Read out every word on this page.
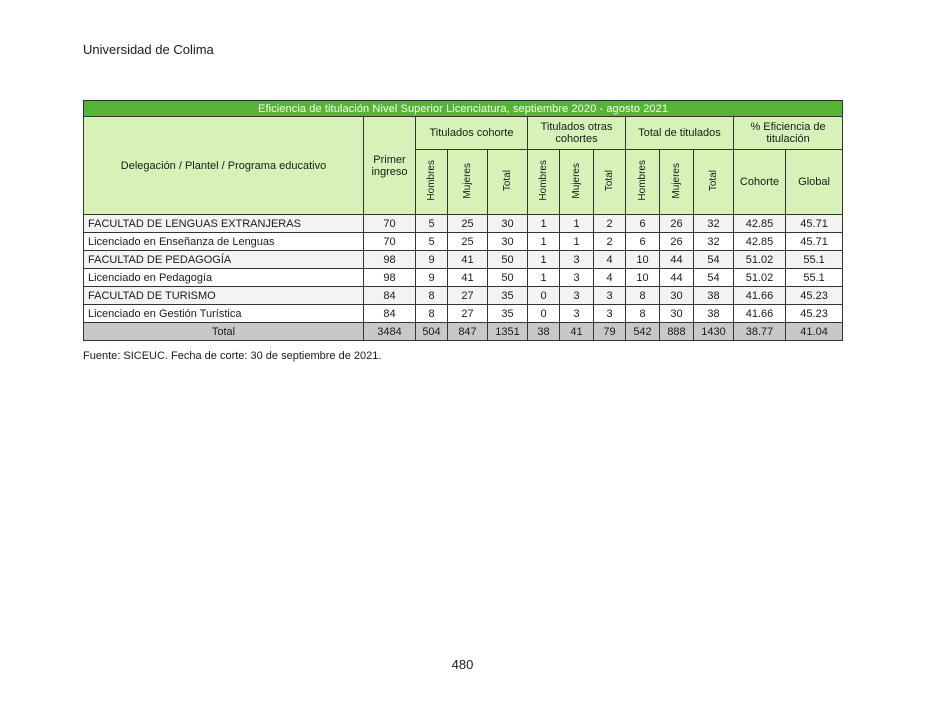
Universidad de Colima
Eficiencia de titulación Nivel Superior Licenciatura, septiembre 2020 - agosto 2021												
Delegación / Plantel / Programa educativo	Primer ingreso	Titulados cohorte			Titulados otras cohortes			Total de titulados			% Eficiencia de titulación	
		Hombres	Mujeres	Total	Hombres	Mujeres	Total	Hombres	Mujeres	Total	Cohorte	Global
FACULTAD DE LENGUAS EXTRANJERAS	70	5	25	30	1	1	2	6	26	32	42.85	45.71
Licenciado en Enseñanza de Lenguas	70	5	25	30	1	1	2	6	26	32	42.85	45.71
FACULTAD DE PEDAGOGÍA	98	9	41	50	1	3	4	10	44	54	51.02	55.1
Licenciado en Pedagogía	98	9	41	50	1	3	4	10	44	54	51.02	55.1
FACULTAD DE TURISMO	84	8	27	35	0	3	3	8	30	38	41.66	45.23
Licenciado en Gestión Turística	84	8	27	35	0	3	3	8	30	38	41.66	45.23
Total	3484	504	847	1351	38	41	79	542	888	1430	38.77	41.04
Fuente: SICEUC. Fecha de corte: 30 de septiembre de 2021.
480
